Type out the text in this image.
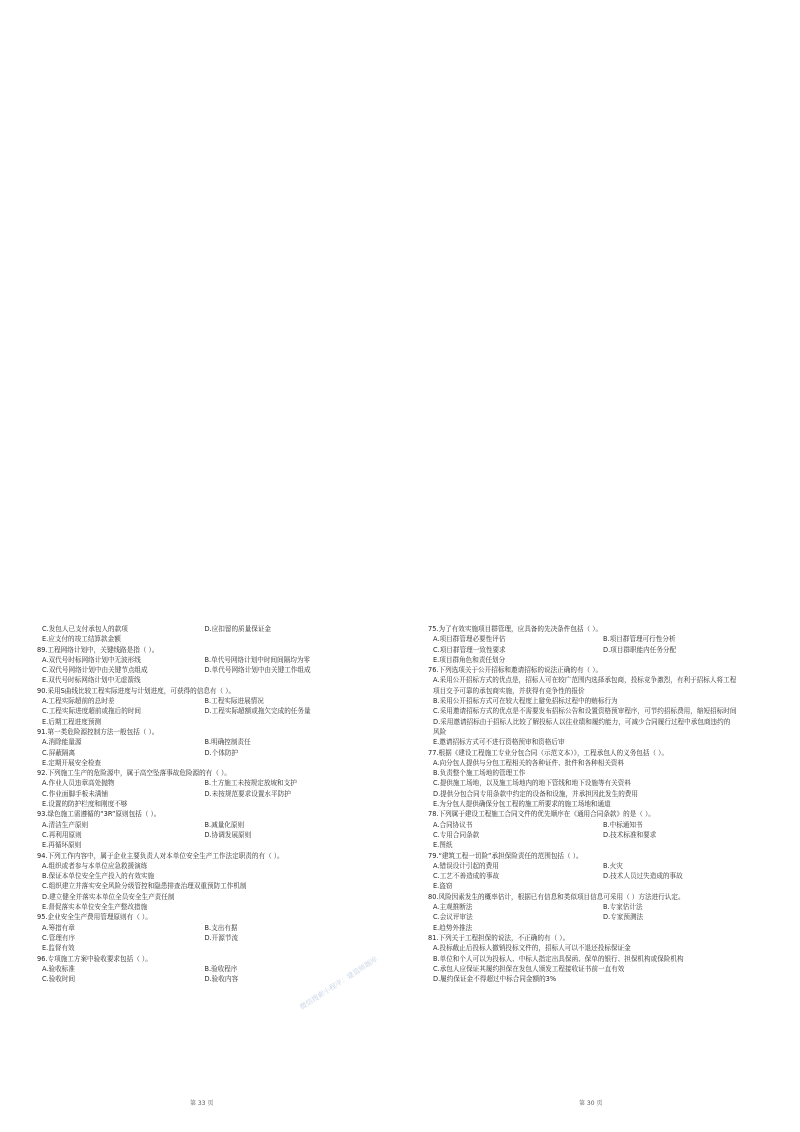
C.发包人已支付承包人的款项	D.应扣留的质量保证金
E.应支付的竣工结算款金额
89.工程网络计划中，关键线路是指（ ）。
A.双代号时标网络计划中无波形线	B.单代号网络计划中时间间隔均为零
C.双代号网络计划中由关键节点组成	D.单代号网络计划中由关键工作组成
E.双代号时标网络计划中无虚箭线
90.采用S曲线比较工程实际进度与计划进度，可获得的信息有（ ）。
A.工程实际超前的总时差	B.工程实际进展情况
C.工程实际进度超前或拖后的时间	D.工程实际超额或拖欠完成的任务量
E.后期工程进度预测
91.第一类危险源控制方法一般包括（ ）。
A.消除能量源	B.明确控制责任
C.屏蔽隔离	D.个体防护
E.定期开展安全检查
92.下列施工生产的危险源中，属于高空坠落事故危险源的有（ ）。
A.作业人员违章高处抛物	B.土方施工未按规定放坡和支护
C.作业面脚手板未满铺	D.未按规范要求设置水平防护
E.设置的防护栏度和刚度不够
93.绿色施工需遵循的“3R”原则包括（ ）。
A.清洁生产原则	B.减量化原则
C.再利用原则	D.协调发展原则
E.再循环原则
94.下列工作内容中，属于企业主要负责人对本单位安全生产工作法定职责的有（ ）。
A.组织或者参与本单位应急救援演练
B.保证本单位安全生产投入的有效实施
C.组织建立并落实安全风险分级管控和隐患排查治理双重预防工作机制
D.建立健全并落实本单位全员安全生产责任制
E.督促落实本单位安全生产整改措施
95.企业安全生产费用管理原则有（ ）。
A.筹措有章	B.支出有据
C.管理有序	D.开源节流
E.监督有效
96.专项施工方案中验收要求包括（ ）。
A.验收标准	B.验收程序
C.验收时间	D.验收内容
75.为了有效实施项目群管理，应具备的先决条件包括（ ）。
A.项目群管理必要性评估	B.项目群管理可行性分析
C.项目群管理一致性要求	D.项目群职能内任务分配
E.项目群角色和责任划分
76.下列选项关于公开招标和邀请招标的说法正确的有（ ）。
A.采用公开招标方式的优点是，招标人可在较广范围内选择承包商，投标竞争激烈，有利于招标人将工程
项目交予可靠的承包商实施，并获得有竞争性的报价
B.采用公开招标方式可在较大程度上避免招标过程中的贿标行为
C.采用邀请招标方式的优点是不需要发布招标公告和设置资格预审程序，可节约招标费用，缩短招标时间
D.采用邀请招标由于招标人比较了解投标人以往业绩和履约能力，可减少合同履行过程中承包商违约的
风险
E.邀请招标方式可不进行资格预审和资格后审
77.根据《建设工程施工专业分包合同（示范文本）》，工程承包人的义务包括（ ）。
A.向分包人提供与分包工程相关的各种证件、批件和各种相关资料
B.负责整个施工场地的管理工作
C.提供施工场地，以及施工场地内的地下管线和地下设施等有关资料
D.提供分包合同专用条款中约定的设备和设施，并承担因此发生的费用
E.为分包人提供确保分包工程的施工所要求的施工场地和通道
78.下列属于建设工程施工合同文件的优先顺序在《通用合同条款》的是（ ）。
A.合同协议书	B.中标通知书
C.专用合同条款	D.技术标准和要求
E.图纸
79.“建筑工程一切险”承担保险责任的范围包括（ ）。
A.错误设计引起的费用	B.火灾
C.工艺不善造成的事故	D.技术人员过失造成的事故
E.盗窃
80.风险因素发生的概率估计，根据已有信息和类似项目信息可采用（ ）方法进行认定。
A.主观推断法	B.专家估计法
C.会议评审法	D.专家预测法
E.趋势外推法
81.下列关于工程担保的说法，不正确的有（ ）。
A.投标截止后投标人撤销投标文件的，招标人可以不退还投标保证金
B.单位和个人可以为投标人、中标人指定出具保函、保单的银行、担保机构或保险机构
C.承包人应保证其履约担保在发包人颁发工程接收证书前一直有效
D.履约保证金不得超过中标合同金额的3%
第 33 页	第 30 页
微信搜索小程序：建造师题库
